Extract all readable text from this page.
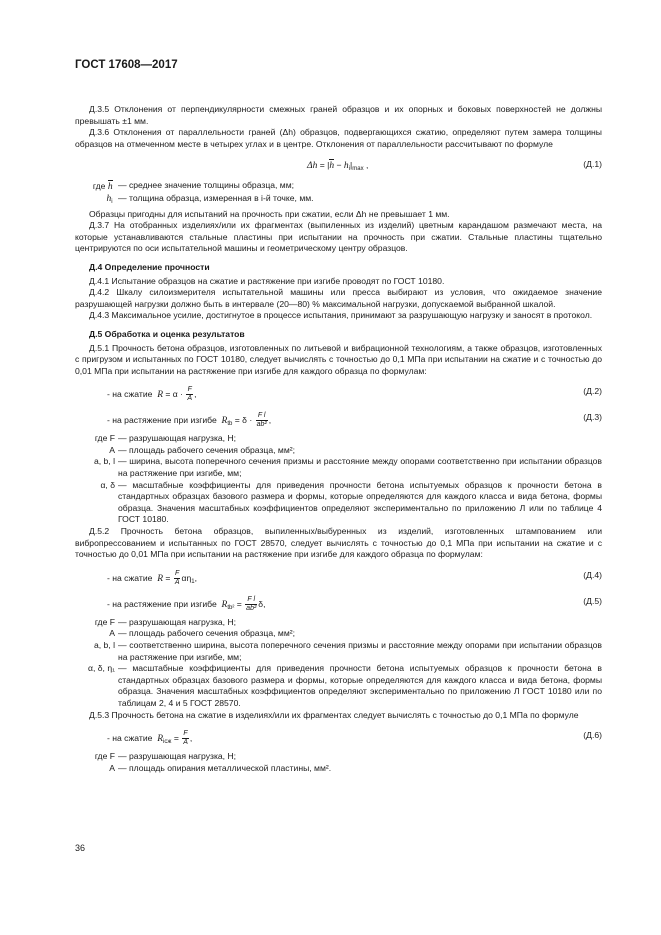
ГОСТ 17608—2017

Д.3.5 Отклонения от перпендикулярности смежных граней образцов и их опорных и боковых поверхностей не должны превышать ±1 мм.

Д.3.6 Отклонения от параллельности граней (Δh) образцов, подвергающихся сжатию, определяют путем замера толщины образцов на отмеченном месте в четырех углах и в центре. Отклонения от параллельности рассчитывают по формуле

$\Delta h = |h - h_i|_{max}$ ,	(Д.1)
где h — среднее значение толщины образца, мм;
$h_i$ — толщина образца, измеренная в i-й точке, мм.

Образцы пригодны для испытаний на прочность при сжатии, если Δh не превышает 1 мм.

Д.3.7 На отобранных изделиях/или их фрагментах (выпиленных из изделий) цветным карандашом размечают места, на которые устанавливаются стальные пластины при испытании на прочность при сжатии. Стальные пластины тщательно центрируются по оси испытательной машины и геометрическому центру образцов.

Д.4 Определение прочности

Д.4.1 Испытание образцов на сжатие и растяжение при изгибе проводят по ГОСТ 10180.

Д.4.2 Шкалу силоизмерителя испытательной машины или пресса выбирают из условия, что ожидаемое значение разрушающей нагрузки должно быть в интервале (20—80) % максимальной нагрузки, допускаемой выбранной шкалой.

Д.4.3 Максимальное усилие, достигнутое в процессе испытания, принимают за разрушающую нагрузку и заносят в протокол.

Д.5 Обработка и оценка результатов

Д.5.1 Прочность бетона образцов, изготовленных по литьевой и вибрационной технологиям, а также образцов, изготовленных с пригрузом и испытанных по ГОСТ 10180, следует вычислять с точностью до 0,1 МПа при испытании на сжатие и с точностью до 0,01 МПа при испытании на растяжение при изгибе для каждого образца по формулам:

- на сжатие $R = \alpha \cdot \frac{F}{A}$ ,	(Д.2)
- на растяжение при изгибе $R_{tb} = \delta \cdot \frac{\text{F l}}{\text{ab²}}$ ,	(Д.3)
где F — разрушающая нагрузка, Н;
A — площадь рабочего сечения образца, мм²;
a, b, l — ширина, высота поперечного сечения призмы и расстояние между опорами соответственно при испытании образцов на растяжение при изгибе, мм;
α, δ — масштабные коэффициенты для приведения прочности бетона испытуемых образцов к прочности бетона в стандартных образцах базового размера и формы, которые определяются для каждого класса и вида бетона, формы образца. Значения масштабных коэффициентов определяют экспериментально по приложению Л или по таблице 4 ГОСТ 10180.

Д.5.2 Прочность бетона образцов, выпиленных/выбуренных из изделий, изготовленных штампованием или вибропрессованием и испытанных по ГОСТ 28570, следует вычислять с точностью до 0,1 МПа при испытании на сжатие и с точностью до 0,01 МПа при испытании на растяжение при изгибе для каждого образца по формулам:

- на сжатие $R = \frac{F}{A} \alpha\eta_1$,	(Д.4)
- на растяжение при изгибе $R_{tb^2} = \frac{\text{F l}}{\text{ab²}} \delta$,	(Д.5)
где F — разрушающая нагрузка, Н;
A — площадь рабочего сечения образца, мм²;
a, b, l — соответственно ширина, высота поперечного сечения призмы и расстояние между опорами при испытании образцов на растяжение при изгибе, мм;
α, δ, η₁ — масштабные коэффициенты для приведения прочности бетона испытуемых образцов к прочности бетона в стандартных образцах базового размера и формы, которые определяются для каждого класса и вида бетона, формы образца. Значения масштабных коэффициентов определяют экспериментально по приложению Л ГОСТ 10180 или по таблицам 2, 4 и 5 ГОСТ 28570.

Д.5.3 Прочность бетона на сжатие в изделиях/или их фрагментах следует вычислять с точностью до 0,1 МПа по формуле

- на сжатие $R_{iсж} = \frac{F}{A}$ ,	(Д.6)
где F — разрушающая нагрузка, Н;
A — площадь опирания металлической пластины, мм².
36
